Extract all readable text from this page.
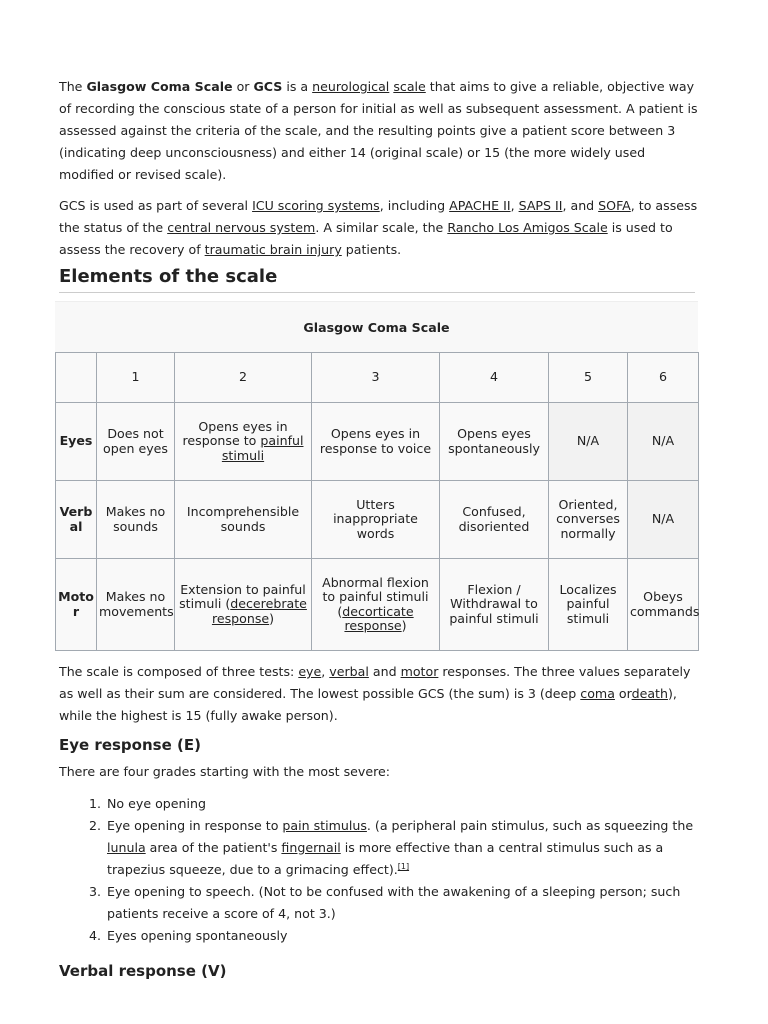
The Glasgow Coma Scale or GCS is a neurological scale that aims to give a reliable, objective way of recording the conscious state of a person for initial as well as subsequent assessment. A patient is assessed against the criteria of the scale, and the resulting points give a patient score between 3 (indicating deep unconsciousness) and either 14 (original scale) or 15 (the more widely used modified or revised scale).

GCS is used as part of several ICU scoring systems, including APACHE II, SAPS II, and SOFA, to assess the status of the central nervous system. A similar scale, the Rancho Los Amigos Scale is used to assess the recovery of traumatic brain injury patients.

Elements of the scale
Glasgow Coma Scale
	1	2	3	4	5	6
Eyes	Does not open eyes	Opens eyes in response to painful stimuli	Opens eyes in response to voice	Opens eyes spontaneously	N/A	N/A
Verbal	Makes no sounds	Incomprehensible sounds	Utters inappropriate words	Confused, disoriented	Oriented, converses normally	N/A
Motor	Makes no movements	Extension to painful stimuli (decerebrate response)	Abnormal flexion to painful stimuli (decorticate response)	Flexion / Withdrawal to painful stimuli	Localizes painful stimuli	Obeys commands

The scale is composed of three tests: eye, verbal and motor responses. The three values separately as well as their sum are considered. The lowest possible GCS (the sum) is 3 (deep coma ordeath), while the highest is 15 (fully awake person).

Eye response (E)

There are four grades starting with the most severe:

1. No eye opening
2. Eye opening in response to pain stimulus. (a peripheral pain stimulus, such as squeezing the lunula area of the patient's fingernail is more effective than a central stimulus such as a trapezius squeeze, due to a grimacing effect).[1]
3. Eye opening to speech. (Not to be confused with the awakening of a sleeping person; such patients receive a score of 4, not 3.)
4. Eyes opening spontaneously
Verbal response (V)
